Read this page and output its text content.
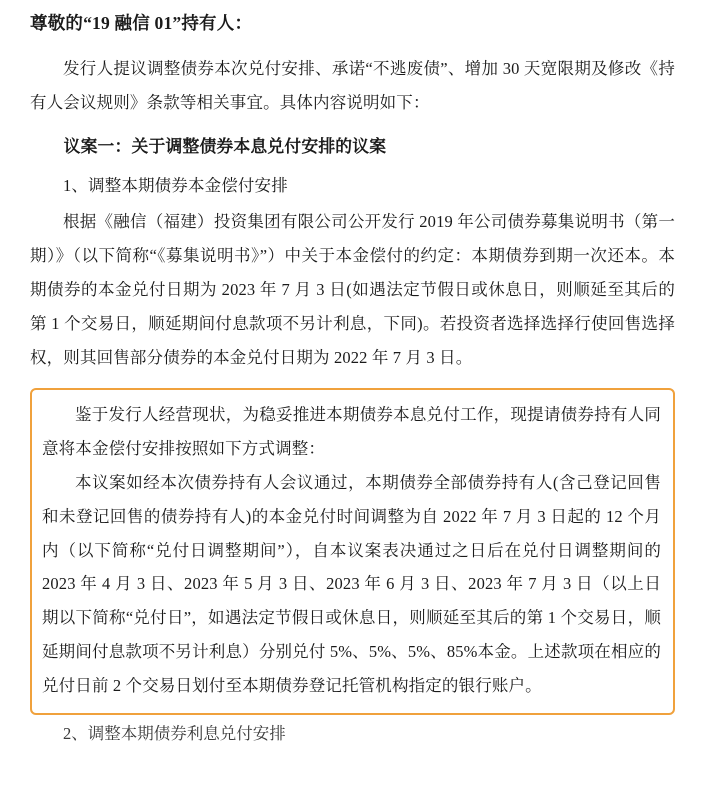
尊敬的“19 融信 01”持有人：

发行人提议调整债券本次兑付安排、承诺“不逃废债”、增加 30 天宽限期及修改《持有人会议规则》条款等相关事宜。具体内容说明如下：

议案一：关于调整债券本息兑付安排的议案
1、调整本期债券本金偿付安排

根据《融信（福建）投资集团有限公司公开发行 2019 年公司债券募集说明书（第一期）》（以下简称“《募集说明书》”）中关于本金偿付的约定：本期债券到期一次还本。本期债券的本金兑付日期为 2023 年 7 月 3 日(如遇法定节假日或休息日，则顺延至其后的第 1 个交易日，顺延期间付息款项不另计利息，下同)。若投资者选择选择行使回售选择权，则其回售部分债券的本金兑付日期为 2022 年 7 月 3 日。

鉴于发行人经营现状，为稳妥推进本期债券本息兑付工作，现提请债券持有人同意将本金偿付安排按照如下方式调整：

本议案如经本次债券持有人会议通过，本期债券全部债券持有人(含己登记回售和未登记回售的债券持有人)的本金兑付时间调整为自 2022 年 7 月 3 日起的 12 个月内（以下简称“兑付日调整期间”），自本议案表决通过之日后在兑付日调整期间的 2023 年 4 月 3 日、2023 年 5 月 3 日、2023 年 6 月 3 日、2023 年 7 月 3 日（以上日期以下简称“兑付日”，如遇法定节假日或休息日，则顺延至其后的第 1 个交易日，顺延期间付息款项不另计利息）分别兑付 5%、5%、5%、85%本金。上述款项在相应的兑付日前 2 个交易日划付至本期债券登记托管机构指定的银行账户。

2、调整本期债券利息兑付安排
